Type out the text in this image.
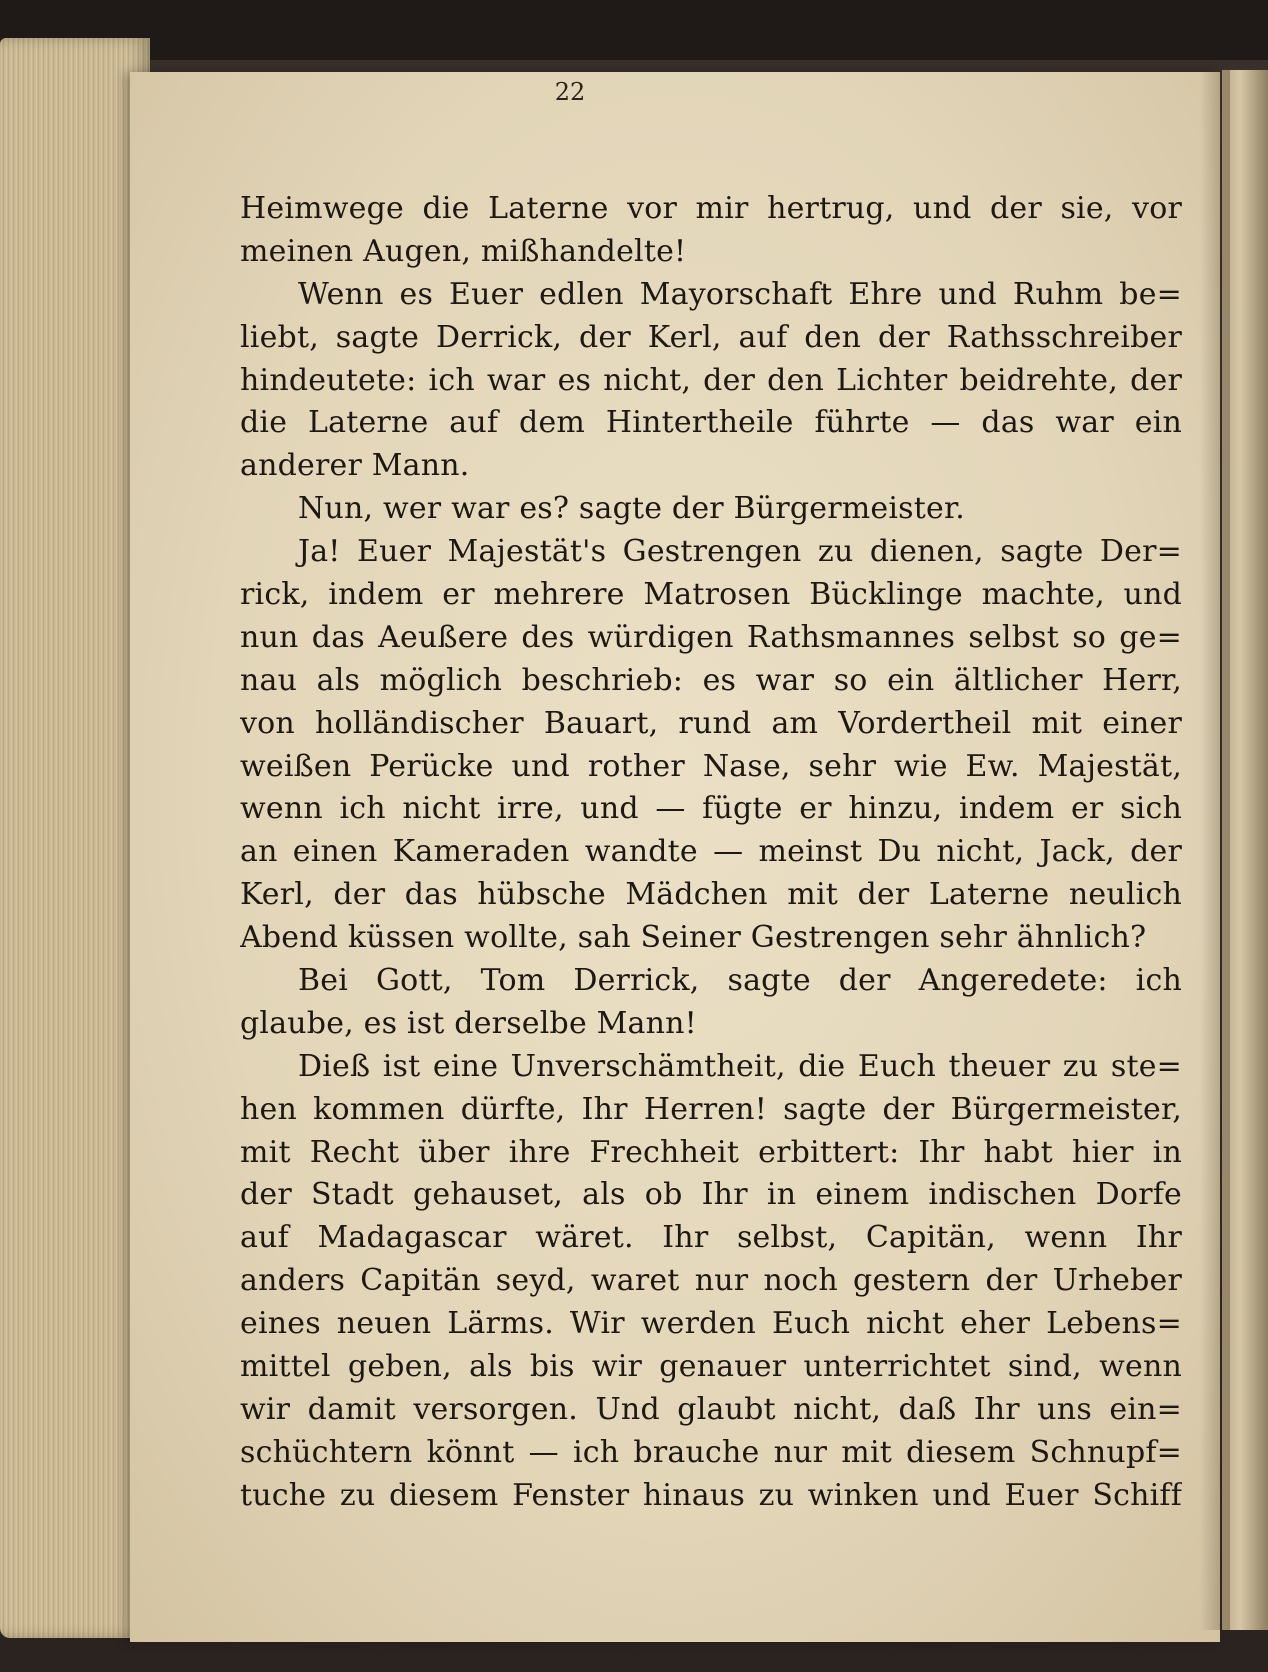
22
Heimwege die Laterne vor mir hertrug, und der sie, vor
meinen Augen, mißhandelte!
Wenn es Euer edlen Mayorschaft Ehre und Ruhm be=
liebt, sagte Derrick, der Kerl, auf den der Rathsschreiber
hindeutete: ich war es nicht, der den Lichter beidrehte, der
die Laterne auf dem Hintertheile führte — das war ein
anderer Mann.
Nun, wer war es? sagte der Bürgermeister.
Ja! Euer Majestät's Gestrengen zu dienen, sagte Der=
rick, indem er mehrere Matrosen Bücklinge machte, und
nun das Aeußere des würdigen Rathsmannes selbst so ge=
nau als möglich beschrieb: es war so ein ältlicher Herr,
von holländischer Bauart, rund am Vordertheil mit einer
weißen Perücke und rother Nase, sehr wie Ew. Majestät,
wenn ich nicht irre, und — fügte er hinzu, indem er sich
an einen Kameraden wandte — meinst Du nicht, Jack, der
Kerl, der das hübsche Mädchen mit der Laterne neulich
Abend küssen wollte, sah Seiner Gestrengen sehr ähnlich?
Bei Gott, Tom Derrick, sagte der Angeredete: ich
glaube, es ist derselbe Mann!
Dieß ist eine Unverschämtheit, die Euch theuer zu ste=
hen kommen dürfte, Ihr Herren! sagte der Bürgermeister,
mit Recht über ihre Frechheit erbittert: Ihr habt hier in
der Stadt gehauset, als ob Ihr in einem indischen Dorfe
auf Madagascar wäret. Ihr selbst, Capitän, wenn Ihr
anders Capitän seyd, waret nur noch gestern der Urheber
eines neuen Lärms. Wir werden Euch nicht eher Lebens=
mittel geben, als bis wir genauer unterrichtet sind, wenn
wir damit versorgen. Und glaubt nicht, daß Ihr uns ein=
schüchtern könnt — ich brauche nur mit diesem Schnupf=
tuche zu diesem Fenster hinaus zu winken und Euer Schiff
